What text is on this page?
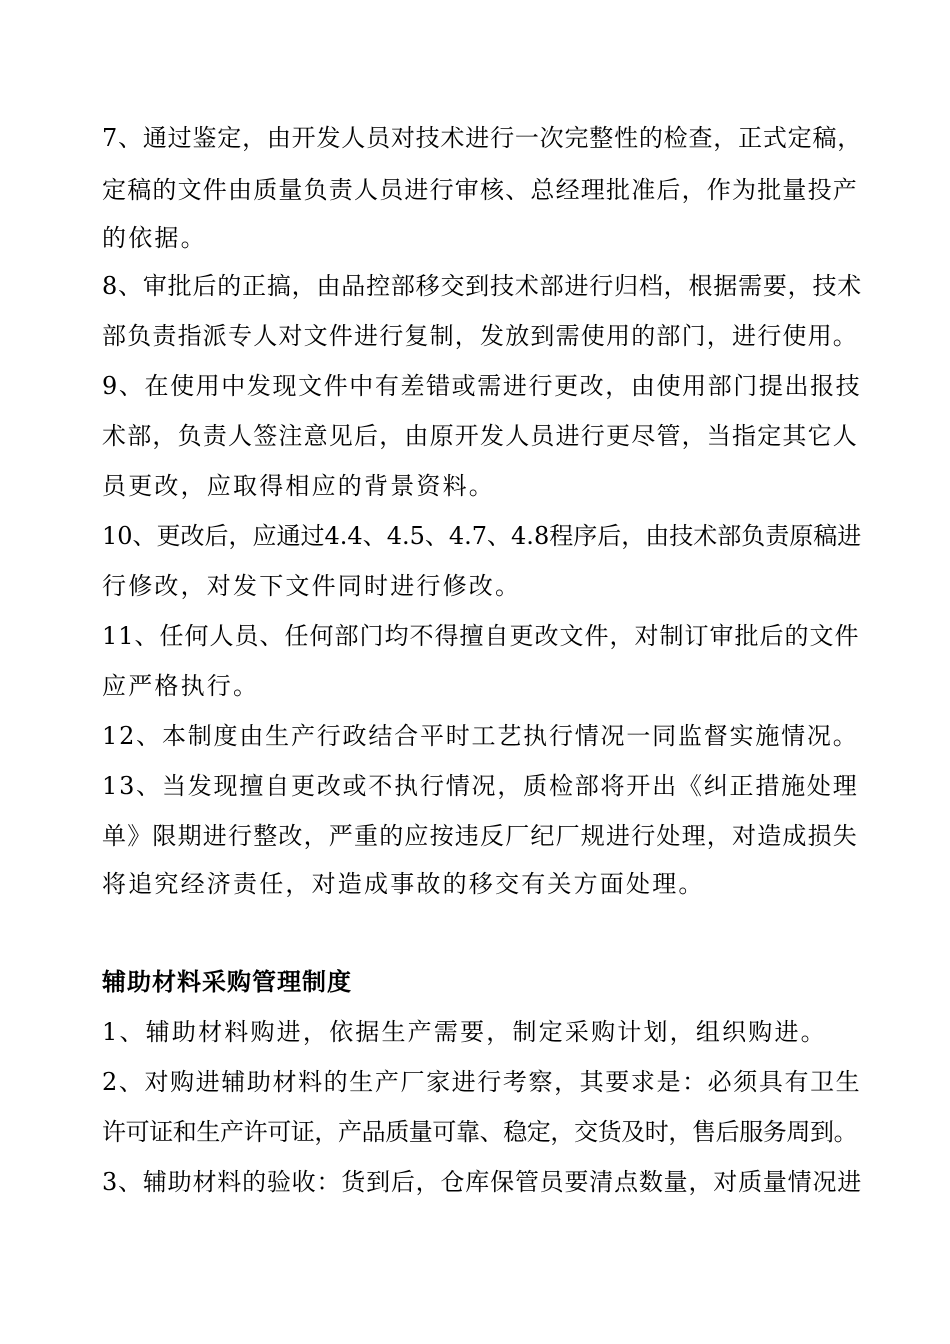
7、通过鉴定，由开发人员对技术进行一次完整性的检查，正式定稿，
定稿的文件由质量负责人员进行审核、总经理批准后，作为批量投产
的依据。
8、审批后的正搞，由品控部移交到技术部进行归档，根据需要，技术
部负责指派专人对文件进行复制，发放到需使用的部门，进行使用。
9、在使用中发现文件中有差错或需进行更改，由使用部门提出报技
术部，负责人签注意见后，由原开发人员进行更尽管，当指定其它人
员更改，应取得相应的背景资料。
10、更改后，应通过4.4、4.5、4.7、4.8程序后，由技术部负责原稿进
行修改，对发下文件同时进行修改。
11、任何人员、任何部门均不得擅自更改文件，对制订审批后的文件
应严格执行。
12、本制度由生产行政结合平时工艺执行情况一同监督实施情况。
13、当发现擅自更改或不执行情况，质检部将开出《纠正措施处理
单》限期进行整改，严重的应按违反厂纪厂规进行处理，对造成损失
将追究经济责任，对造成事故的移交有关方面处理。
辅助材料采购管理制度
1、辅助材料购进，依据生产需要，制定采购计划，组织购进。
2、对购进辅助材料的生产厂家进行考察，其要求是：必须具有卫生
许可证和生产许可证，产品质量可靠、稳定，交货及时，售后服务周到。
3、辅助材料的验收：货到后，仓库保管员要清点数量，对质量情况进
